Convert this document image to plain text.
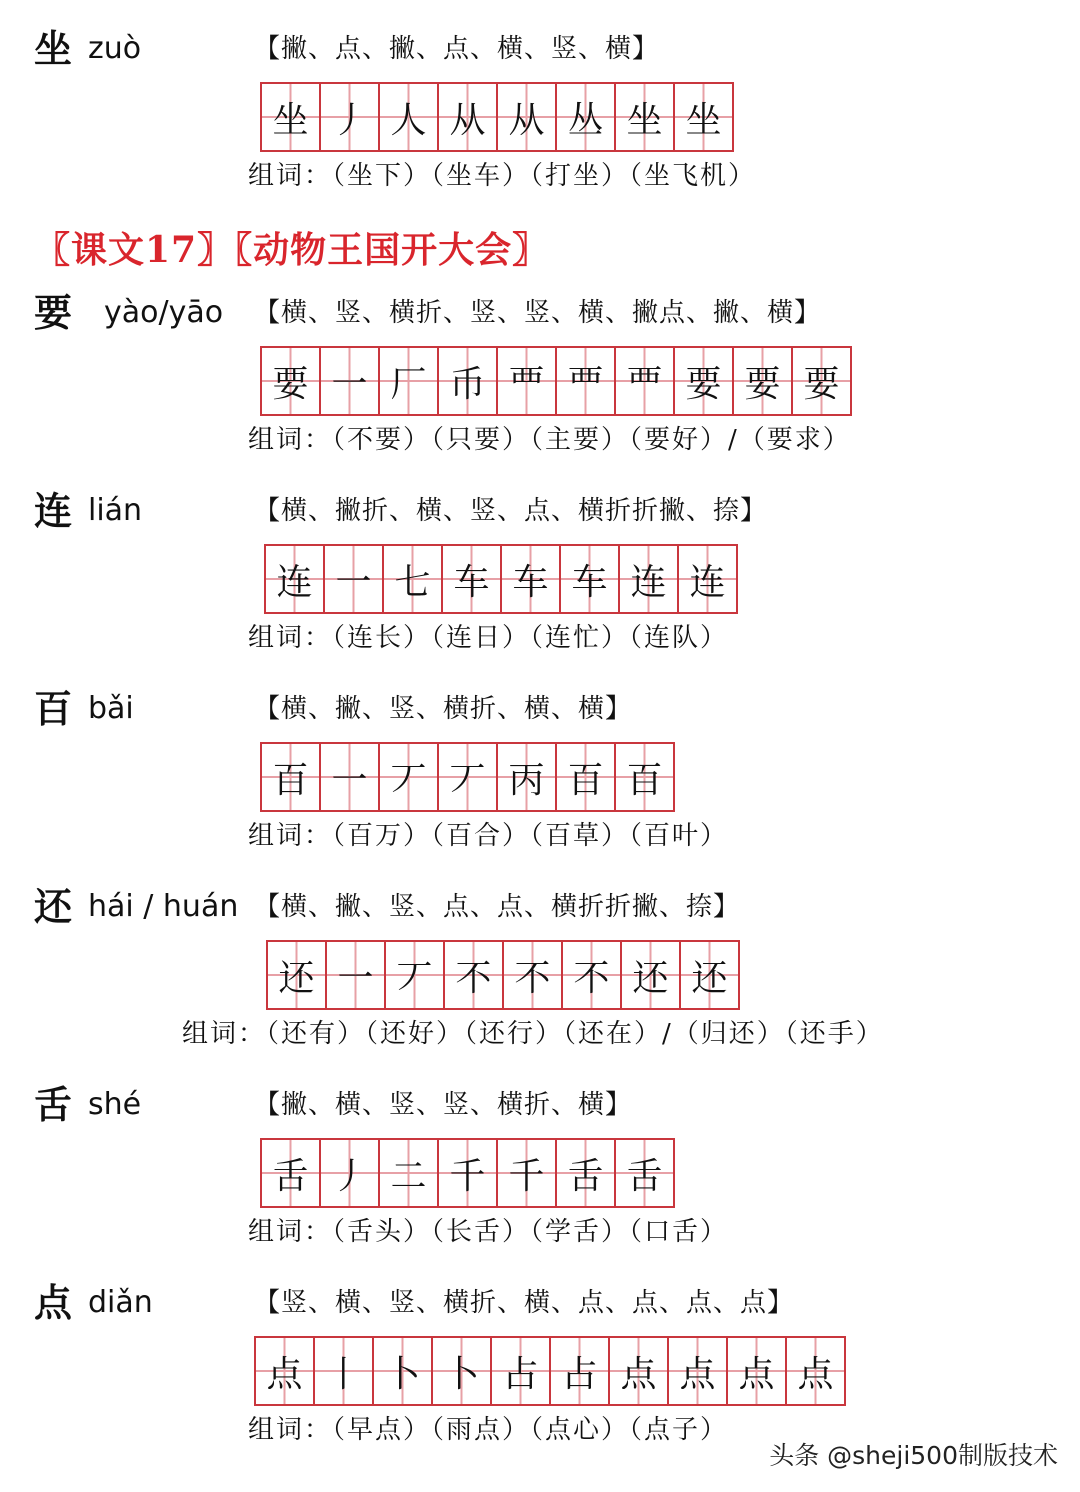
坐 zuò	【撇、点、撇、点、横、竖、横】
坐 丿 人 从 从 丛 坐 坐
组词：（坐下）（坐车）（打坐）（坐飞机）
〖课文17〗〖动物王国开大会〗
要 yào/yāo 【横、竖、横折、竖、竖、横、撇点、撇、横】
要 一 厂 币 覀 覀 覀 要 要 要
组词：（不要）（只要）（主要）（要好）/（要求）
连 lián	【横、撇折、横、竖、点、横折折撇、捺】
连 一 七 车 车 车 连 连
组词：（连长）（连日）（连忙）（连队）
百 bǎi	【横、撇、竖、横折、横、横】
百 一 丆 丆 丙 百 百
组词：（百万）（百合）（百草）（百叶）
还 hái / huán 【横、撇、竖、点、点、横折折撇、捺】
还 一 丆 不 不 不 还 还
组词：（还有）（还好）（还行）（还在）/（归还）（还手）
舌 shé	【撇、横、竖、竖、横折、横】
舌 丿 二 千 千 舌 舌
组词：（舌头）（长舌）（学舌）（口舌）
点 diǎn	【竖、横、竖、横折、横、点、点、点、点】
点 丨 卜 卜 占 占 点 点 点 点
组词：（早点）（雨点）（点心）（点子）
头条 @sheji500制版技术
